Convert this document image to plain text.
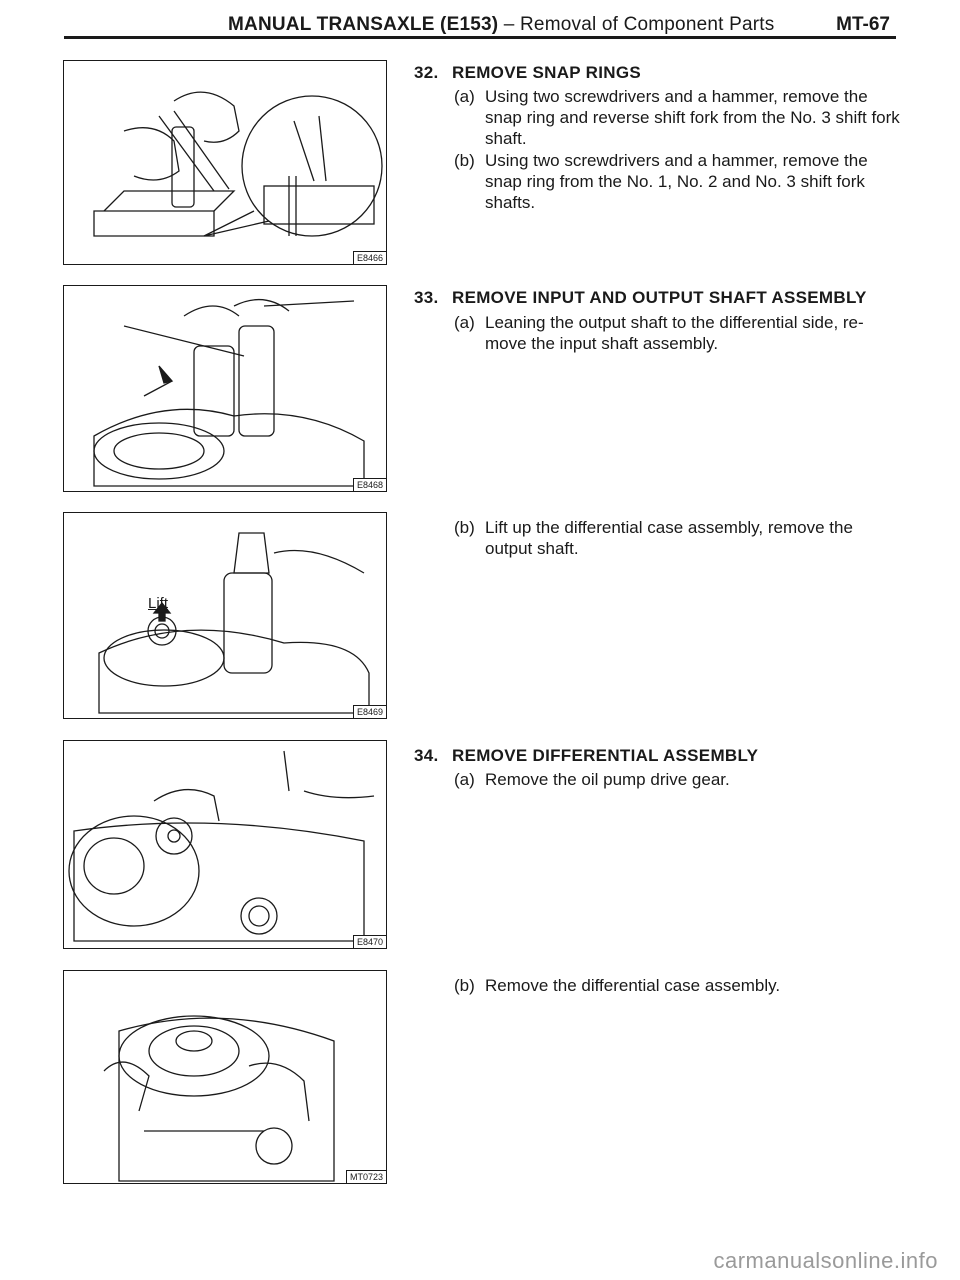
MANUAL TRANSAXLE (E153) – Removal of Component Parts	MT-67
E8466
E8468
Lift
E8469
E8470
MT0723
32. REMOVE SNAP RINGS
(a) Using two screwdrivers and a hammer, remove the snap ring and reverse shift fork from the No. 3 shift fork shaft.
(b) Using two screwdrivers and a hammer, remove the snap ring from the No. 1, No. 2 and No. 3 shift fork shafts.
33. REMOVE INPUT AND OUTPUT SHAFT ASSEMBLY
(a) Leaning the output shaft to the differential side, re-move the input shaft assembly.
(b) Lift up the differential case assembly, remove the output shaft.
34. REMOVE DIFFERENTIAL ASSEMBLY
(a) Remove the oil pump drive gear.
(b) Remove the differential case assembly.
carmanualsonline.info
